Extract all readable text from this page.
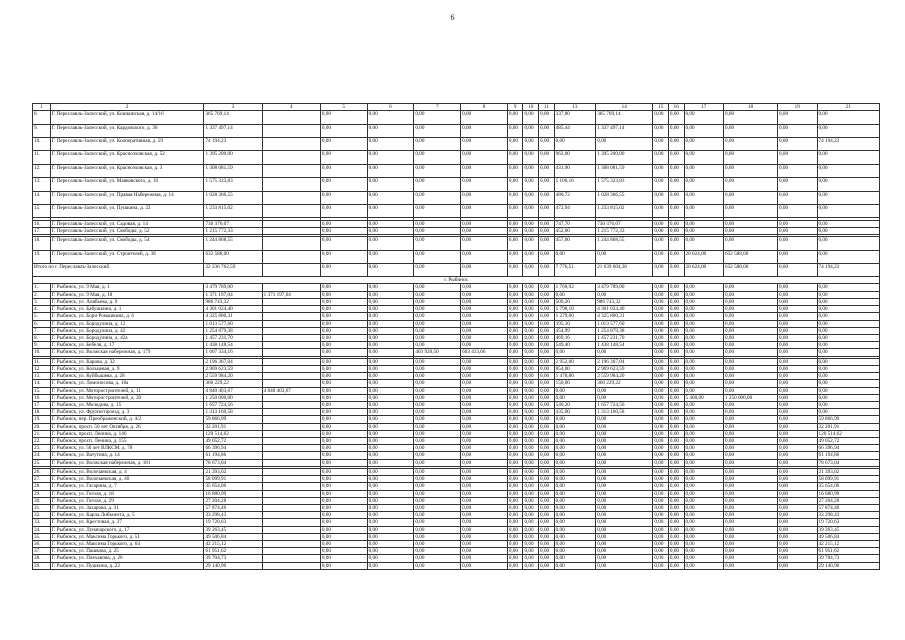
6
1	2	3	4	5	6	7	8	9	10	11	13	14	15	16	17	18	19	21
8.	Г. Переславль-Залесский, ул. Кошкинская, д. 14/16	365 769,14		0,00	0,00	0,00	0,00	0,00	0,00	0,00	337,80	365 769,14	0,00	0,00	0,00	0,00	0,00	0,00
9.	Г. Переславль-Залесский, ул. Кардовского, д. 30	1 337 497,14		0,00	0,00	0,00	0,00	0,00	0,00	0,00	485,44	1 337 497,14	0,00	0,00	0,00	0,00	0,00	0,00
10.	Г. Переславль-Залесский, ул. Кооперативная, д. 59	74 194,23		0,00	0,00	0,00	0,00	0,00	0,00	0,00	0,00	0,00	0,00	0,00	0,00	0,00	0,00	74 194,23
11.	Г. Переславль-Залесский, ул. Красноэховская, д. 52	1 395 200,00		0,00	0,00	0,00	0,00	0,00	0,00	0,00	962,00	1 395 200,00	0,00	0,00	0,00	0,00	0,00	0,00
12.	Г. Переславль-Залесский, ул. Красноэховская, д. 3	1 308 081,59		0,00	0,00	0,00	0,00	0,00	0,00	0,00	431,90	1 308 081,59	0,00	0,00	0,00	0,00	0,00	0,00
13.	Г. Переславль-Залесский, ул. Маяковского, д. 10	1 575 323,83		0,00	0,00	0,00	0,00	0,00	0,00	0,00	1 100,16	1 575 323,83	0,00	0,00	0,00	0,00	0,00	0,00
14.	Г. Переславль-Залесский, ул. Правая Набережная, д. 14	1 028 366,55		0,00	0,00	0,00	0,00	0,00	0,00	0,00	480,72	1 028 366,55	0,00	0,00	0,00	0,00	0,00	0,00
15.	Г. Переславль-Залесский, ул. Пушкина, д. 22	1 233 815,02		0,00	0,00	0,00	0,00	0,00	0,00	0,00	472,94	1 233 815,02	0,00	0,00	0,00	0,00	0,00	0,00

16.	Г. Переславль-Залесский, ул. Садовая, д. 14	730 376,07		0,00	0,00	0,00	0,00	0,00	0,00	0,00	747,70	730 376,07	0,00	0,00	0,00	0,00	0,00	0,00
17.	Г. Переславль-Залесский, ул. Свободы, д. 52	1 215 772,33		0,00	0,00	0,00	0,00	0,00	0,00	0,00	452,00	1 215 772,33	0,00	0,00	0,00	0,00	0,00	0,00

18.	Г. Переславль-Залесский, ул. Свободы, д. 54	1 244 868,55		0,00	0,00	0,00	0,00	0,00	0,00	0,00	457,00	1 244 868,55	0,00	0,00	0,00	0,00	0,00	0,00
19.	Г. Переславль-Залесский, ул. Строителей, д. 38	632 588,00		0,00	0,00	0,00	0,00	0,00	0,00	0,00	0,00	0,00	0,00	0,00	20 624,00	632 588,00	0,00	0,00
Итого по г. Переславль-Залесский		22 236 762,59		0,00	0,00	0,00	0,00	0,00	0,00	0,00	7 776,51	21 639 604,36	0,00	0,00	20 624,00	632 588,00	0,00	74 194,23
г. Рыбинск																		
1.	Г. Рыбинск, ул. 9 Мая, д. 1	3 479 789,00		0,00	0,00	0,00	0,00	0,00	0,00	0,00	1 760,92	3 479 789,00	0,00	0,00	0,00	0,00	0,00	0,00
2.	Г. Рыбинск, ул. 9 Мая, д. 18	1 371 197,04	1 371 197,04	0,00	0,00	0,00	0,00	0,00	0,00	0,00	0,00	0,00	0,00	0,00	0,00	0,00	0,00	0,00
3.	Г. Рыбинск, ул. Алябьева, д. 9	986 743,32		0,00	0,00	0,00	0,00	0,00	0,00	0,00	509,20	986 743,32	0,00	0,00	0,00	0,00	0,00	0,00
4.	Г. Рыбинск, ул. Бабушкина, д. 1	4 301 024,40		0,00	0,00	0,00	0,00	0,00	0,00	0,00	1 798,10	4 301 024,40	0,00	0,00	0,00	0,00	0,00	0,00
5.	Г. Рыбинск, ул. Бори Ромашкина, д. 6	4 325 800,31		0,00	0,00	0,00	0,00	0,00	0,00	0,00	1 279,00	4 325 800,31	0,00	0,00	0,00	0,00	0,00	0,00
6.	Г. Рыбинск, ул. Бородулина, д. 12	1 013 577,60		0,00	0,00	0,00	0,00	0,00	0,00	0,00	395,10	1 013 577,60	0,00	0,00	0,00	0,00	0,00	0,00
7.	Г. Рыбинск, ул. Бородулина, д. 42	1 254 879,38		0,00	0,00	0,00	0,00	0,00	0,00	0,00	454,99	1 254 879,38	0,00	0,00	0,00	0,00	0,00	0,00
8.	Г. Рыбинск, ул. Бородулина, д. 42а	1 457 231,70		0,00	0,00	0,00	0,00	0,00	0,00	0,00	469,16	1 457 231,70	0,00	0,00	0,00	0,00	0,00	0,00
9.	Г. Рыбинск, ул. Бебеля, д. 17	1 438 148,54		0,00	0,00	0,00	0,00	0,00	0,00	0,00	549,40	1 438 148,54	0,00	0,00	0,00	0,00	0,00	0,00
10.	Г. Рыбинск, ул. Волжская набережная, д. 179	1 607 334,16		0,00	0,00	403 920,50	603 413,66	0,00	0,00	0,00	0,00	0,00	0,00	0,00	0,00	0,00	0,00	0,00

11.	Г. Рыбинск, ул. Карова, д. 32	2 196 367,04		0,00	0,00	0,00	0,00	0,00	0,00	0,00	2 952,00	2 196 367,04	0,00	0,00	0,00	0,00	0,00	0,00
12.	Г. Рыбинск, ул. Кольцевая, д. 9	2 969 623,59		0,00	0,00	0,00	0,00	0,00	0,00	0,00	854,00	2 969 623,59	0,00	0,00	0,00	0,00	0,00	0,00
13.	Г. Рыбинск, ул. Куйбышева, д. 28	2 559 984,20		0,00	0,00	0,00	0,00	0,00	0,00	0,00	1 478,80	2 559 984,20	0,00	0,00	0,00	0,00	0,00	0,00
14.	Г. Рыбинск, ул. Ломоносова, д. 18а	360 229,22		0,00	0,00	0,00	0,00	0,00	0,00	0,00	150,00	360 229,22	0,00	0,00	0,00	0,00	0,00	0,00
15.	Г. Рыбинск, ул. Моторостроителей, д. 11	4 840 403,67	4 840 403,67	0,00	0,00	0,00	0,00	0,00	0,00	0,00	0,00	0,00	0,00	0,00	0,00	0,00	0,00	0,00
16.	Г. Рыбинск, ул. Моторостроителей, д. 20	1 250 000,00		0,00	0,00	0,00	0,00	0,00	0,00	0,00	0,00	0,00	0,00	0,00	5 400,00	1 250 000,00	0,00	0,00
17.	Г. Рыбинск, ул. Молодова, д. 15	1 657 724,56		0,00	0,00	0,00	0,00	0,00	0,00	0,00	540,20	1 657 724,56	0,00	0,00	0,00	0,00	0,00	0,00
18.	Г. Рыбинск, ул. Фрунзе/проезд, д. 3	1 313 160,58		0,00	0,00	0,00	0,00	0,00	0,00	0,00	435,00	1 313 160,58	0,00	0,00	0,00	0,00	0,00	0,00
19.	Г. Рыбинск, пер. Преображенский, д. 4/2	59 866,99		0,00	0,00	0,00	0,00	0,00	0,00	0,00	0,00	0,00	0,00	0,00	0,00	0,00	0,00	59 866,99
20.	Г. Рыбинск, просп. 50 лет Октября, д. 26	32 201,91		0,00	0,00	0,00	0,00	0,00	0,00	0,00	0,00	0,00	0,00	0,00	0,00	0,00	0,00	32 201,91
21.	Г. Рыбинск, просп. Ленина, д. 146	120 514,62		0,00	0,00	0,00	0,00	0,00	0,00	0,00	0,00	0,00	0,00	0,00	0,00	0,00	0,00	120 514,62
22.	Г. Рыбинск, просп. Ленина, д. 155	49 052,72		0,00	0,00	0,00	0,00	0,00	0,00	0,00	0,00	0,00	0,00	0,00	0,00	0,00	0,00	49 052,72
23.	Г. Рыбинск, ул. 50 лет ВЛКСМ, д. 78	66 396,94		0,00	0,00	0,00	0,00	0,00	0,00	0,00	0,00	0,00	0,00	0,00	0,00	0,00	0,00	66 396,94
24.	Г. Рыбинск, ул. Ватутина, д. 14	61 194,86		0,00	0,00	0,00	0,00	0,00	0,00	0,00	0,00	0,00	0,00	0,00	0,00	0,00	0,00	61 194,86
25.	Г. Рыбинск, ул. Волжская набережная, д. 181	78 673,04		0,00	0,00	0,00	0,00	0,00	0,00	0,00	0,00	0,00	0,00	0,00	0,00	0,00	0,00	78 673,04

26.	Г. Рыбинск, ул. Волочаевская, д. 4	21 393,02		0,00	0,00	0,00	0,00	0,00	0,00	0,00	0,00	0,00	0,00	0,00	0,00	0,00	0,00	21 393,02
27.	Г. Рыбинск, ул. Волочаевская, д. 40	58 099,91		0,00	0,00	0,00	0,00	0,00	0,00	0,00	0,00	0,00	0,00	0,00	0,00	0,00	0,00	58 099,91
28.	Г. Рыбинск, ул. Гагарина, д. 7	35 654,06		0,00	0,00	0,00	0,00	0,00	0,00	0,00	0,00	0,00	0,00	0,00	0,00	0,00	0,00	35 654,06
29.	Г. Рыбинск, ул. Гоголя, д. 18	16 880,99		0,00	0,00	0,00	0,00	0,00	0,00	0,00	0,00	0,00	0,00	0,00	0,00	0,00	0,00	16 880,99
30.	Г. Рыбинск, ул. Гоголя, д. 29	27 204,28		0,00	0,00	0,00	0,00	0,00	0,00	0,00	0,00	0,00	0,00	0,00	0,00	0,00	0,00	27 204,28
31.	Г. Рыбинск, ул. Захарова, д. 31	57 874,46		0,00	0,00	0,00	0,00	0,00	0,00	0,00	0,00	0,00	0,00	0,00	0,00	0,00	0,00	57 874,46
32.	Г. Рыбинск, ул. Карла Либкнехта, д. 5	33 298,43		0,00	0,00	0,00	0,00	0,00	0,00	0,00	0,00	0,00	0,00	0,00	0,00	0,00	0,00	33 298,43
33.	Г. Рыбинск, ул. Крестовая, д. 37	19 720,63		0,00	0,00	0,00	0,00	0,00	0,00	0,00	0,00	0,00	0,00	0,00	0,00	0,00	0,00	19 720,63
34.	Г. Рыбинск, ул. Луначарского, д. 17	39 263,45		0,00	0,00	0,00	0,00	0,00	0,00	0,00	0,00	0,00	0,00	0,00	0,00	0,00	0,00	39 263,45
35.	Г. Рыбинск, ул. Максима Горького, д. 51	49 506,84		0,00	0,00	0,00	0,00	0,00	0,00	0,00	0,00	0,00	0,00	0,00	0,00	0,00	0,00	49 506,84
36.	Г. Рыбинск, ул. Максима Горького, д. 64	42 215,12		0,00	0,00	0,00	0,00	0,00	0,00	0,00	0,00	0,00	0,00	0,00	0,00	0,00	0,00	42 215,12
37.	Г. Рыбинск, ул. Пашкова, д. 25	61 951,62		0,00	0,00	0,00	0,00	0,00	0,00	0,00	0,00	0,00	0,00	0,00	0,00	0,00	0,00	61 951,62
38.	Г. Рыбинск, ул. Плеханова, д. 26	39 704,73		0,00	0,00	0,00	0,00	0,00	0,00	0,00	0,00	0,00	0,00	0,00	0,00	0,00	0,00	39 704,73
39.	Г. Рыбинск, ул. Пушкина, д. 22	29 140,90		0,00	0,00	0,00	0,00	0,00	0,00	0,00	0,00	0,00	0,00	0,00	0,00	0,00	0,00	29 140,90
